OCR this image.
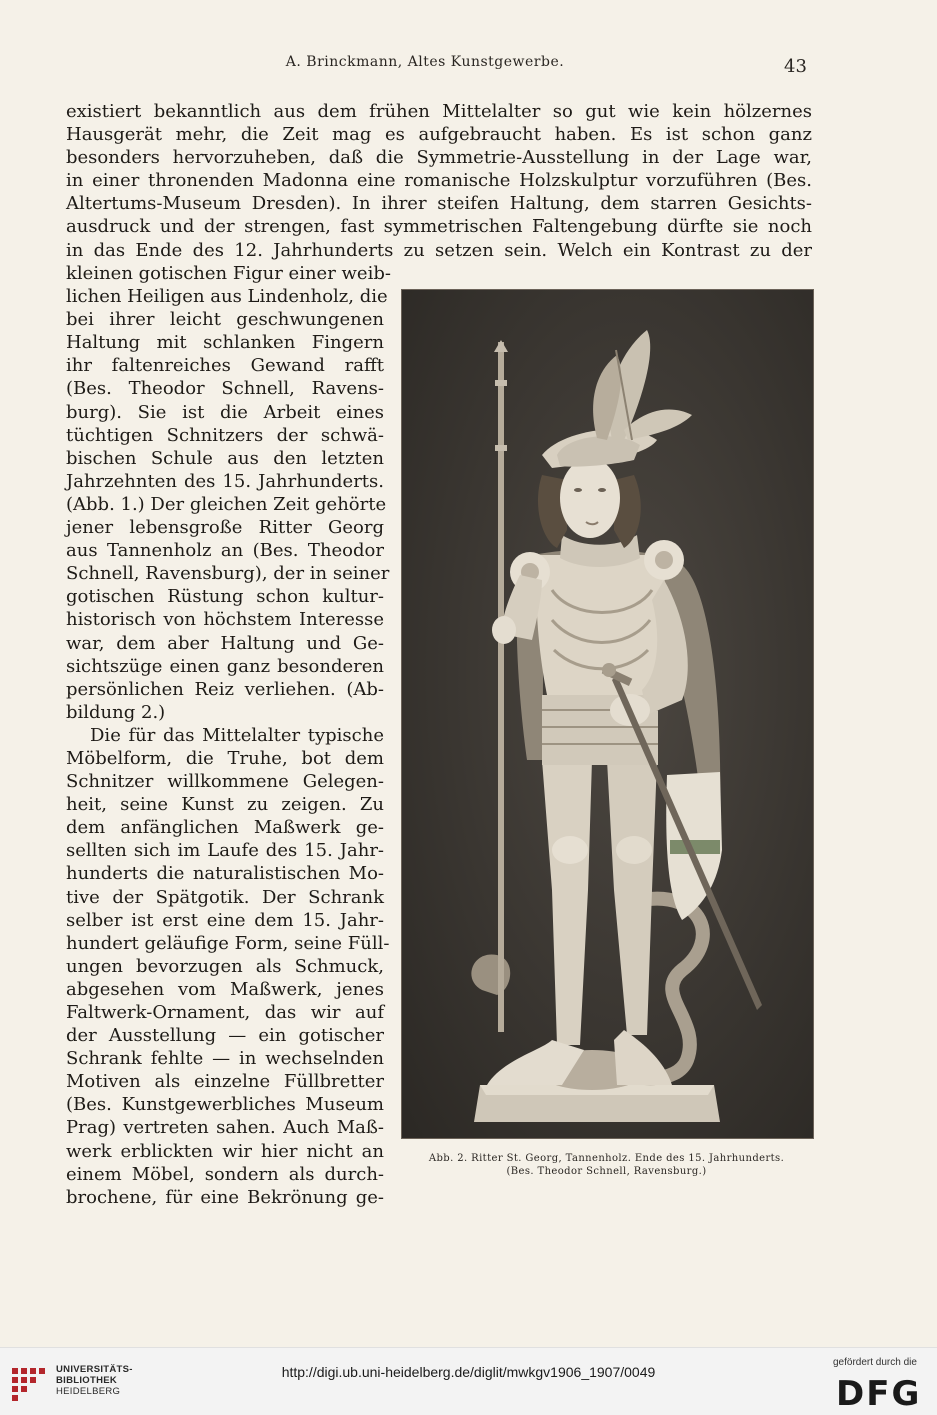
A. Brinckmann, Altes Kunstgewerbe.	43
existiert bekanntlich aus dem frühen Mittelalter so gut wie kein hölzernes
Hausgerät mehr, die Zeit mag es aufgebraucht haben. Es ist schon ganz
besonders hervorzuheben, daß die Symmetrie-Ausstellung in der Lage war,
in einer thronenden Madonna eine romanische Holzskulptur vorzuführen (Bes.
Altertums-Museum Dresden). In ihrer steifen Haltung, dem starren Gesichts-
ausdruck und der strengen, fast symmetrischen Faltengebung dürfte sie noch
in das Ende des 12. Jahrhunderts zu setzen sein. Welch ein Kontrast zu der
kleinen gotischen Figur einer weib-
lichen Heiligen aus Lindenholz, die
bei ihrer leicht geschwungenen
Haltung mit schlanken Fingern
ihr faltenreiches Gewand rafft
(Bes. Theodor Schnell, Ravens-
burg). Sie ist die Arbeit eines
tüchtigen Schnitzers der schwä-
bischen Schule aus den letzten
Jahrzehnten des 15. Jahrhunderts.
(Abb. 1.) Der gleichen Zeit gehörte
jener lebensgroße Ritter Georg
aus Tannenholz an (Bes. Theodor
Schnell, Ravensburg), der in seiner
gotischen Rüstung schon kultur-
historisch von höchstem Interesse
war, dem aber Haltung und Ge-
sichtszüge einen ganz besonderen
persönlichen Reiz verliehen. (Ab-
bildung 2.)
Die für das Mittelalter typische
Möbelform, die Truhe, bot dem
Schnitzer willkommene Gelegen-
heit, seine Kunst zu zeigen. Zu
dem anfänglichen Maßwerk ge-
sellten sich im Laufe des 15. Jahr-
hunderts die naturalistischen Mo-
tive der Spätgotik. Der Schrank
selber ist erst eine dem 15. Jahr-
hundert geläufige Form, seine Füll-
ungen bevorzugen als Schmuck,
abgesehen vom Maßwerk, jenes
Faltwerk-Ornament, das wir auf
der Ausstellung — ein gotischer
Schrank fehlte — in wechselnden
Motiven als einzelne Füllbretter
(Bes. Kunstgewerbliches Museum
Prag) vertreten sahen. Auch Maß-
werk erblickten wir hier nicht an
einem Möbel, sondern als durch-
brochene, für eine Bekrönung ge-
Abb. 2. Ritter St. Georg, Tannenholz. Ende des 15. Jahrhunderts.
(Bes. Theodor Schnell, Ravensburg.)
UNIVERSITÄTS-
BIBLIOTHEK
HEIDELBERG
http://digi.ub.uni-heidelberg.de/diglit/mwkgv1906_1907/0049
gefördert durch die
DFG
